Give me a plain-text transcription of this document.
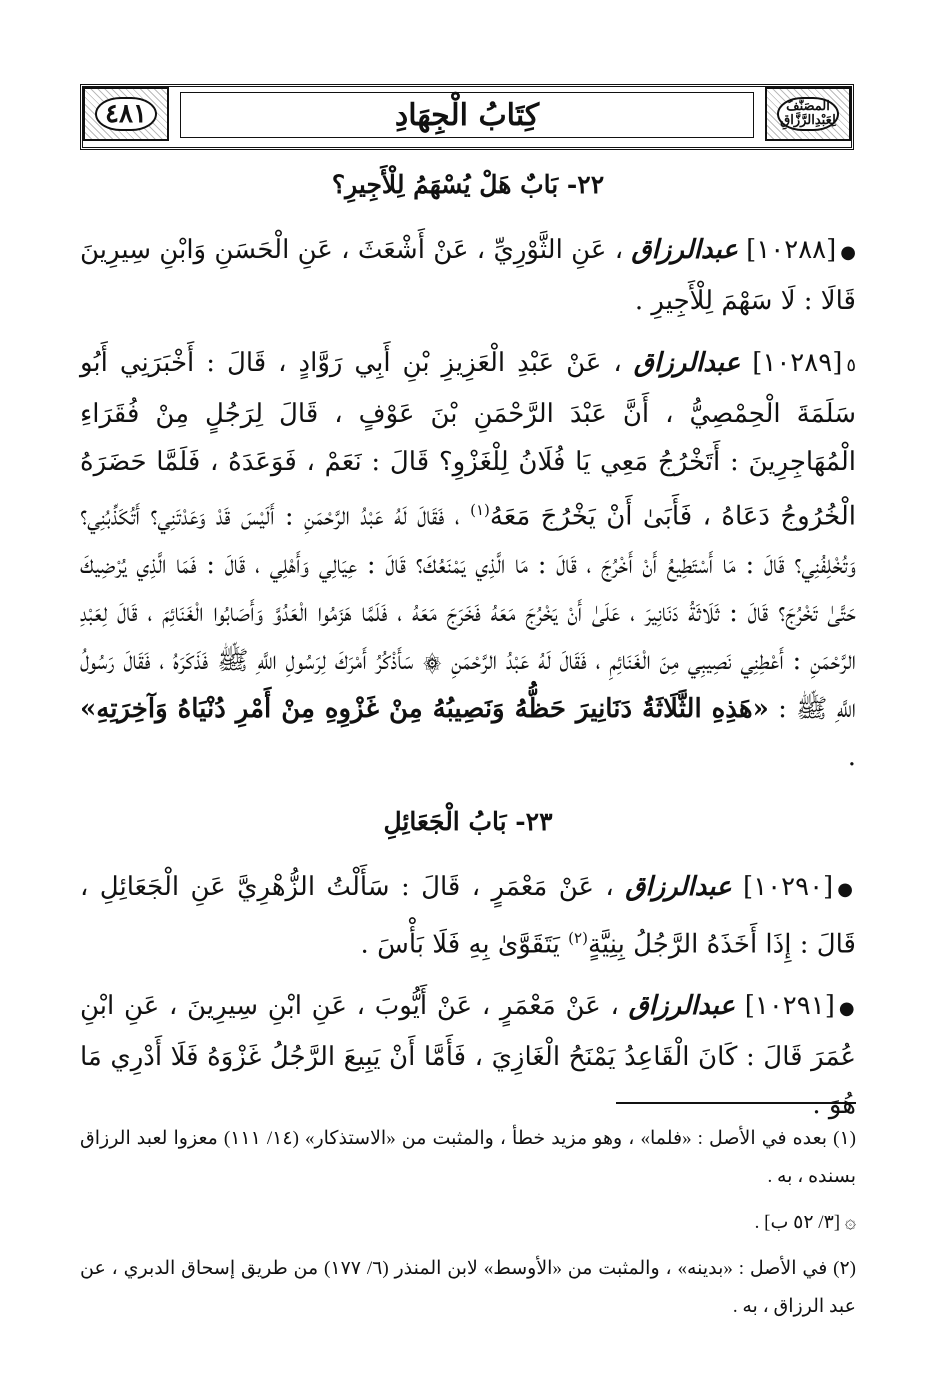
٤٨١	كِتَابُ الْجِهَادِ	المصَنَّفُ
لِعَبْدِالرَّزَّاقِ
٢٢- بَابٌ هَلْ يُسْهَمُ لِلْأَجِيرِ؟

●[١٠٢٨٨] عبدالرزاق ، عَنِ الثَّوْرِيِّ ، عَنْ أَشْعَثَ ، عَنِ الْحَسَنِ وَابْنِ سِيرِينَ قَالَا : لَا سَهْمَ لِلْأَجِيرِ .

٥[١٠٢٨٩] عبدالرزاق ، عَنْ عَبْدِ الْعَزِيزِ بْنِ أَبِي رَوَّادٍ ، قَالَ : أَخْبَرَنِي أَبُو سَلَمَةَ الْحِمْصِيُّ ، أَنَّ عَبْدَ الرَّحْمَنِ بْنَ عَوْفٍ ، قَالَ لِرَجُلٍ مِنْ فُقَرَاءِ الْمُهَاجِرِينَ : أَتَخْرُجُ مَعِي يَا فُلَانُ لِلْغَزْوِ؟ قَالَ : نَعَمْ ، فَوَعَدَهُ ، فَلَمَّا حَضَرَهُ الْخُرُوجُ دَعَاهُ ، فَأَبَىٰ أَنْ يَخْرُجَ مَعَهُ$^{(١)}$ ، فَقَالَ لَهُ عَبْدُ الرَّحْمَنِ : أَلَيْسَ قَدْ وَعَدْتَنِي؟ أَتُكَذِّبُنِي؟ وَتُخْلِفُنِي؟ قَالَ : مَا أَسْتَطِيعُ أَنْ أَخْرُجَ ، قَالَ : مَا الَّذِي يَمْنَعُكَ؟ قَالَ : عِيَالِي وَأَهْلِي ، قَالَ : فَمَا الَّذِي يُرْضِيكَ حَتَّىٰ تَخْرُجَ؟ قَالَ : ثَلَاثَةُ دَنَانِيرَ ، عَلَىٰ أَنْ يَخْرُجَ مَعَهُ فَخَرَجَ مَعَهُ ، فَلَمَّا هَزَمُوا الْعَدُوَّ وَأَصَابُوا الْغَنَائِمَ ، قَالَ لِعَبْدِ الرَّحْمَنِ : أَعْطِنِي نَصِيبِي مِنَ الْغَنَائِمِ ، فَقَالَ لَهُ عَبْدُ الرَّحْمَنِ ۞ سَأَذْكُرُ أَمْرَكَ لِرَسُولِ اللَّهِ ﷺ فَذَكَرَهُ ، فَقَالَ رَسُولُ اللَّهِ ﷺ : «هَذِهِ الثَّلَاثَةُ دَنَانِيرَ حَظُّهُ وَنَصِيبُهُ مِنْ غَزْوِهِ مِنْ أَمْرِ دُنْيَاهُ وَآخِرَتِهِ» .

٢٣- بَابُ الْجَعَائِلِ

●[١٠٢٩٠] عبدالرزاق ، عَنْ مَعْمَرٍ ، قَالَ : سَأَلْتُ الزُّهْرِيَّ عَنِ الْجَعَائِلِ ، قَالَ : إِذَا أَخَذَهُ الرَّجُلُ بِنِيَّةٍ$^{(٢)}$ يَتَقَوَّىٰ بِهِ فَلَا بَأْسَ .

●[١٠٢٩١] عبدالرزاق ، عَنْ مَعْمَرٍ ، عَنْ أَيُّوبَ ، عَنِ ابْنِ سِيرِينَ ، عَنِ ابْنِ عُمَرَ قَالَ : كَانَ الْقَاعِدُ يَمْنَحُ الْغَازِيَ ، فَأَمَّا أَنْ يَبِيعَ الرَّجُلُ غَزْوَهُ فَلَا أَدْرِي مَا هُوَ .

(١) بعده في الأصل : «فلما» ، وهو مزيد خطأ ، والمثبت من «الاستذكار» (١٤/ ١١١) معزوا لعبد الرزاق بسنده ، به .

۞ [٣/ ٥٢ ب] .

(٢) في الأصل : «بدينه» ، والمثبت من «الأوسط» لابن المنذر (٦/ ١٧٧) من طريق إسحاق الدبري ، عن عبد الرزاق ، به .
